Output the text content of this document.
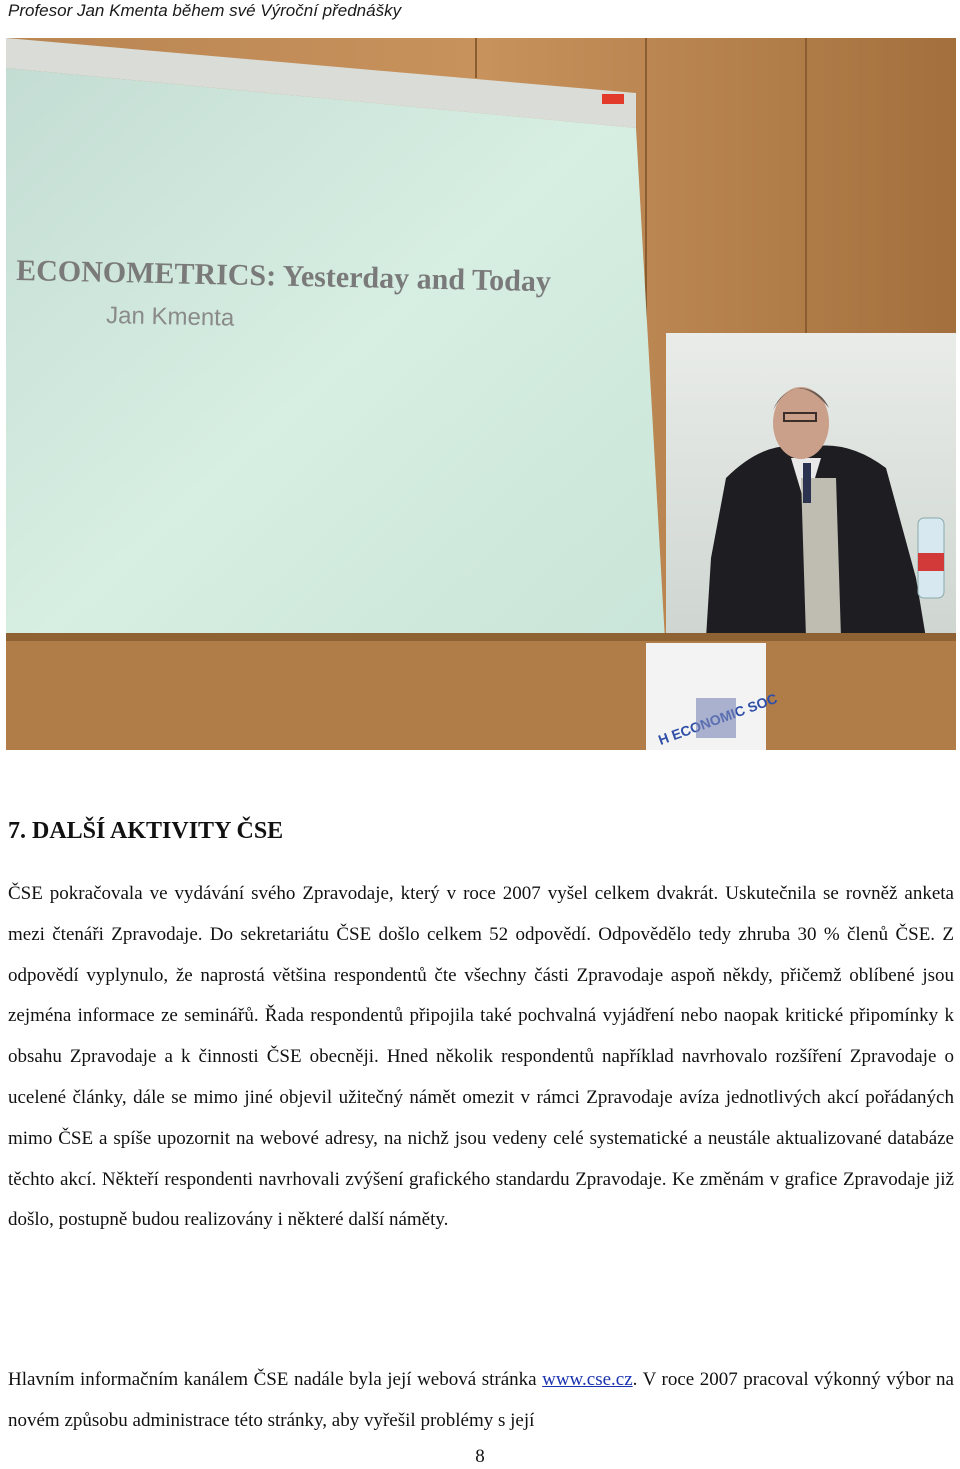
Profesor Jan Kmenta během své Výroční přednášky
ECONOMETRICS: Yesterday and Today
Jan Kmenta
H SOC
7. DALŠÍ AKTIVITY ČSE

ČSE pokračovala ve vydávání svého Zpravodaje, který v roce 2007 vyšel celkem dvakrát. Uskutečnila se rovněž anketa mezi čtenáři Zpravodaje. Do sekretariátu ČSE došlo celkem 52 odpovědí. Odpovědělo tedy zhruba 30 % členů ČSE. Z odpovědí vyplynulo, že naprostá většina respondentů čte všechny části Zpravodaje aspoň někdy, přičemž oblíbené jsou zejména informace ze seminářů. Řada respondentů připojila také pochvalná vyjádření nebo naopak kritické připomínky k obsahu Zpravodaje a k činnosti ČSE obecněji. Hned několik respondentů například navrhovalo rozšíření Zpravodaje o ucelené články, dále se mimo jiné objevil užitečný námět omezit v rámci Zpravodaje avíza jednotlivých akcí pořádaných mimo ČSE a spíše upozornit na webové adresy, na nichž jsou vedeny celé systematické a neustále aktualizované databáze těchto akcí. Někteří respondenti navrhovali zvýšení grafického standardu Zpravodaje. Ke změnám v grafice Zpravodaje již došlo, postupně budou realizovány i některé další náměty.

Hlavním informačním kanálem ČSE nadále byla její webová stránka www.cse.cz. V roce 2007 pracoval výkonný výbor na novém způsobu administrace této stránky, aby vyřešil problémy s její

8
